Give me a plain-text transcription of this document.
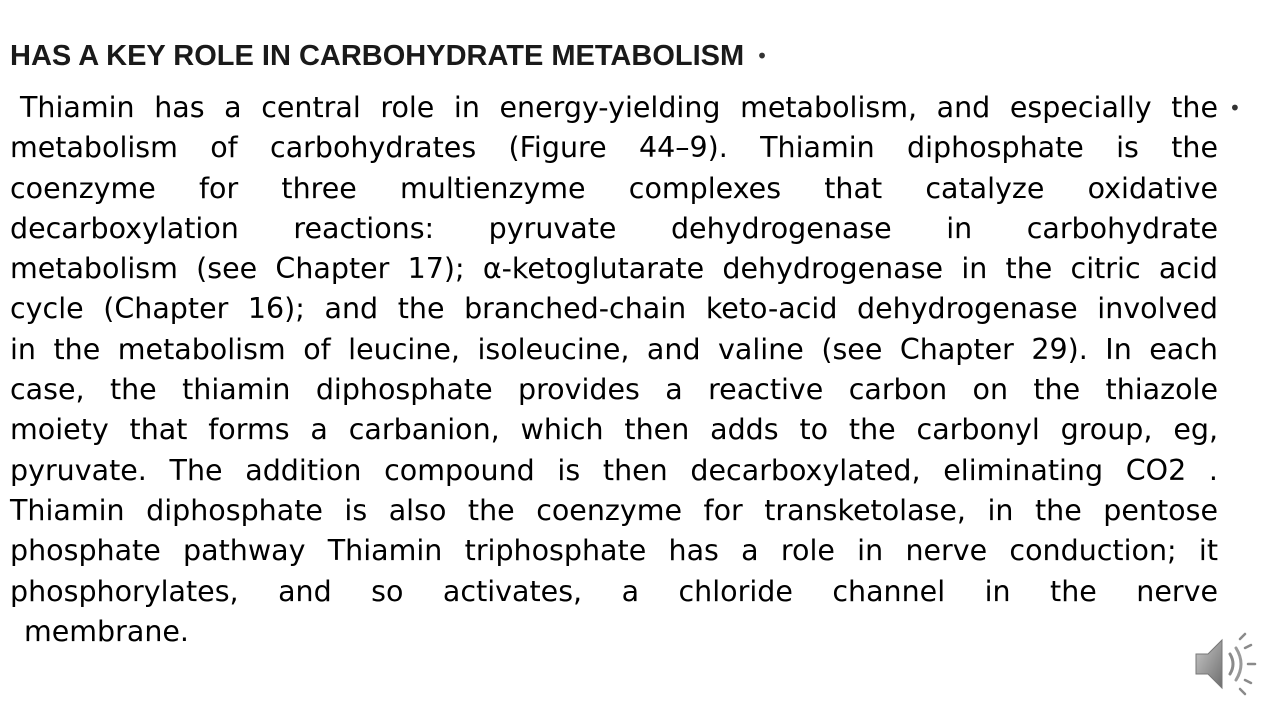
HAS A KEY ROLE IN CARBOHYDRATE METABOLISM •
•
Thiamin has a central role in energy-yielding metabolism, and especially the
metabolism of carbohydrates (Figure 44–9). Thiamin diphosphate is the
coenzyme for three multienzyme complexes that catalyze oxidative
decarboxylation reactions: pyruvate dehydrogenase in carbohydrate
metabolism (see Chapter 17); α-ketoglutarate dehydrogenase in the citric acid
cycle (Chapter 16); and the branched-chain keto-acid dehydrogenase involved
in the metabolism of leucine, isoleucine, and valine (see Chapter 29). In each
case, the thiamin diphosphate provides a reactive carbon on the thiazole
moiety that forms a carbanion, which then adds to the carbonyl group, eg,
pyruvate. The addition compound is then decarboxylated, eliminating CO2 .
Thiamin diphosphate is also the coenzyme for transketolase, in the pentose
phosphate pathway Thiamin triphosphate has a role in nerve conduction; it
phosphorylates, and so activates, a chloride channel in the nerve
membrane.
